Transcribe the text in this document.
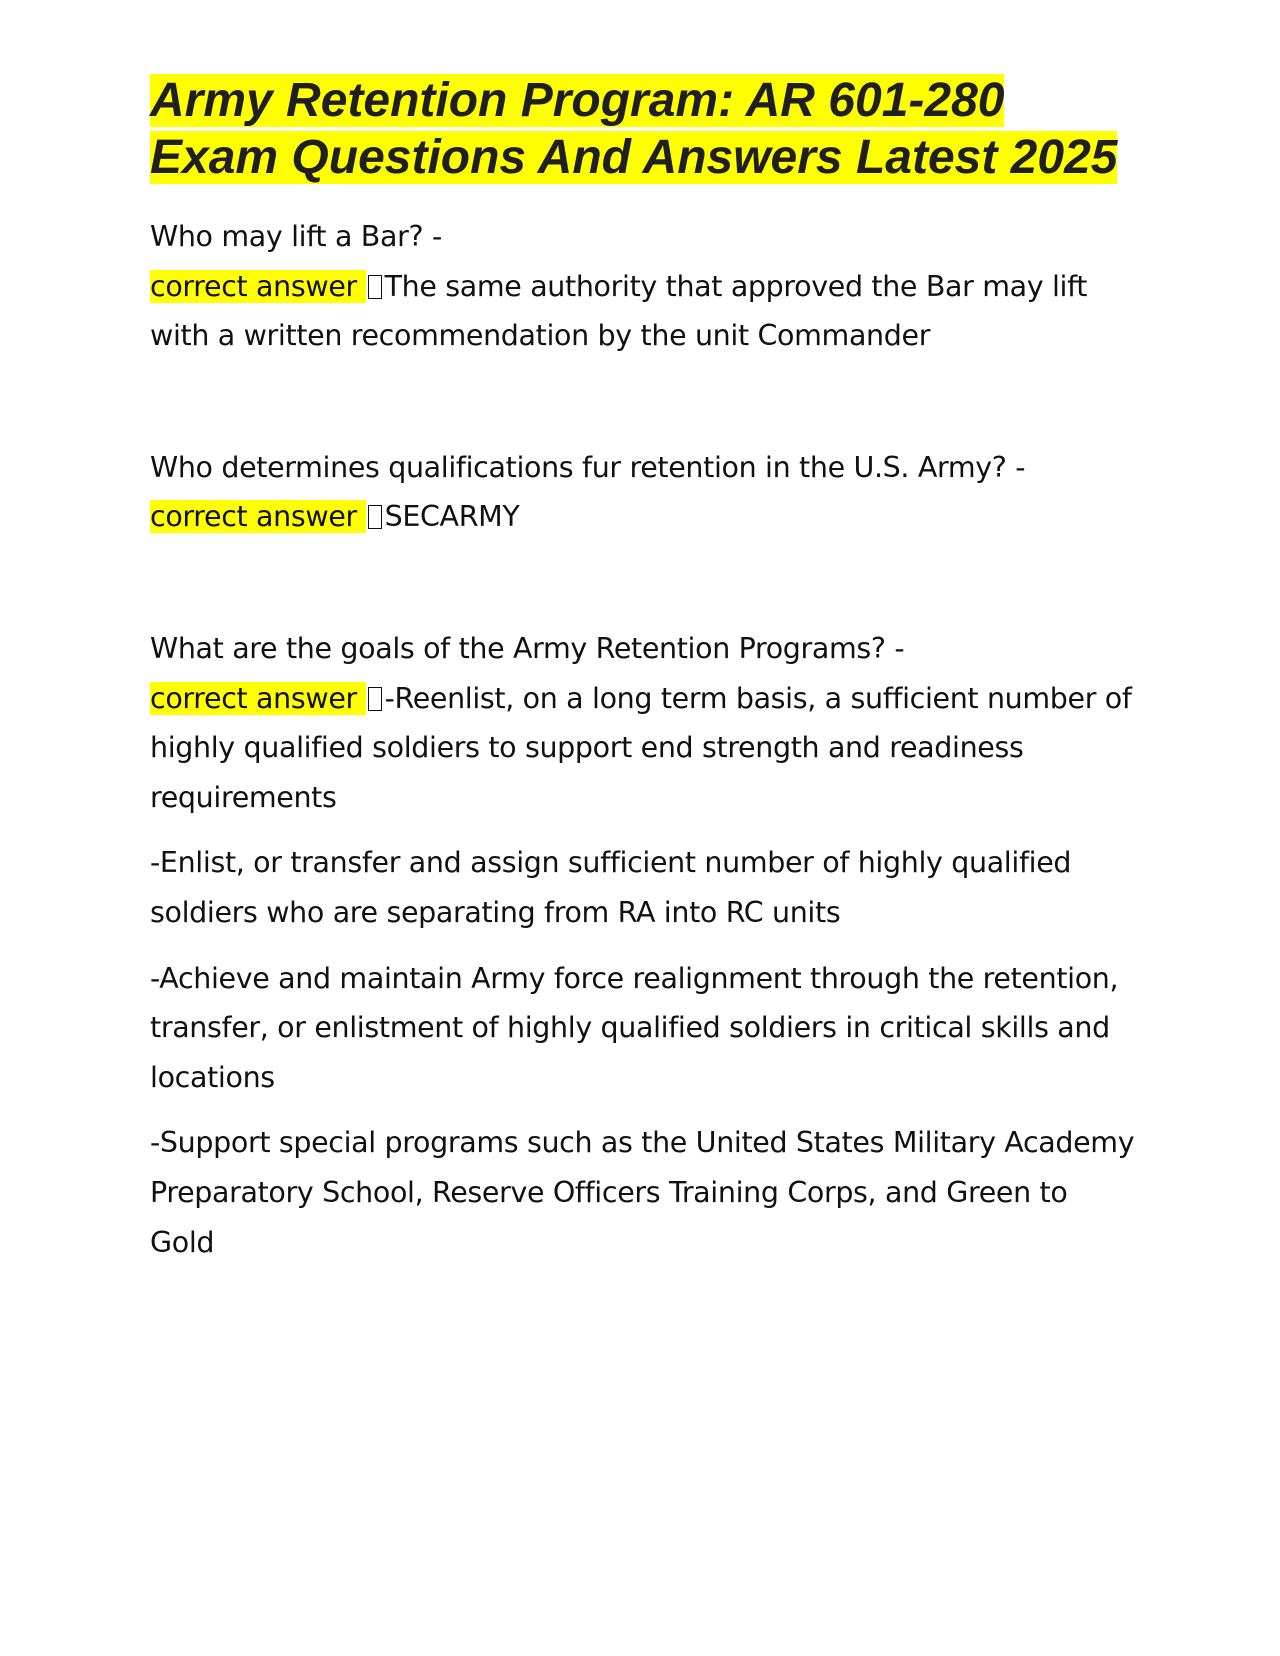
Army Retention Program: AR 601-280 Exam Questions And Answers Latest 2025

Who may lift a Bar? -

correct answer The same authority that approved the Bar may lift with a written recommendation by the unit Commander

Who determines qualifications fur retention in the U.S. Army? -

correct answer SECARMY

What are the goals of the Army Retention Programs? -

correct answer -Reenlist, on a long term basis, a sufficient number of highly qualified soldiers to support end strength and readiness requirements

-Enlist, or transfer and assign sufficient number of highly qualified soldiers who are separating from RA into RC units

-Achieve and maintain Army force realignment through the retention, transfer, or enlistment of highly qualified soldiers in critical skills and locations

-Support special programs such as the United States Military Academy Preparatory School, Reserve Officers Training Corps, and Green to Gold
